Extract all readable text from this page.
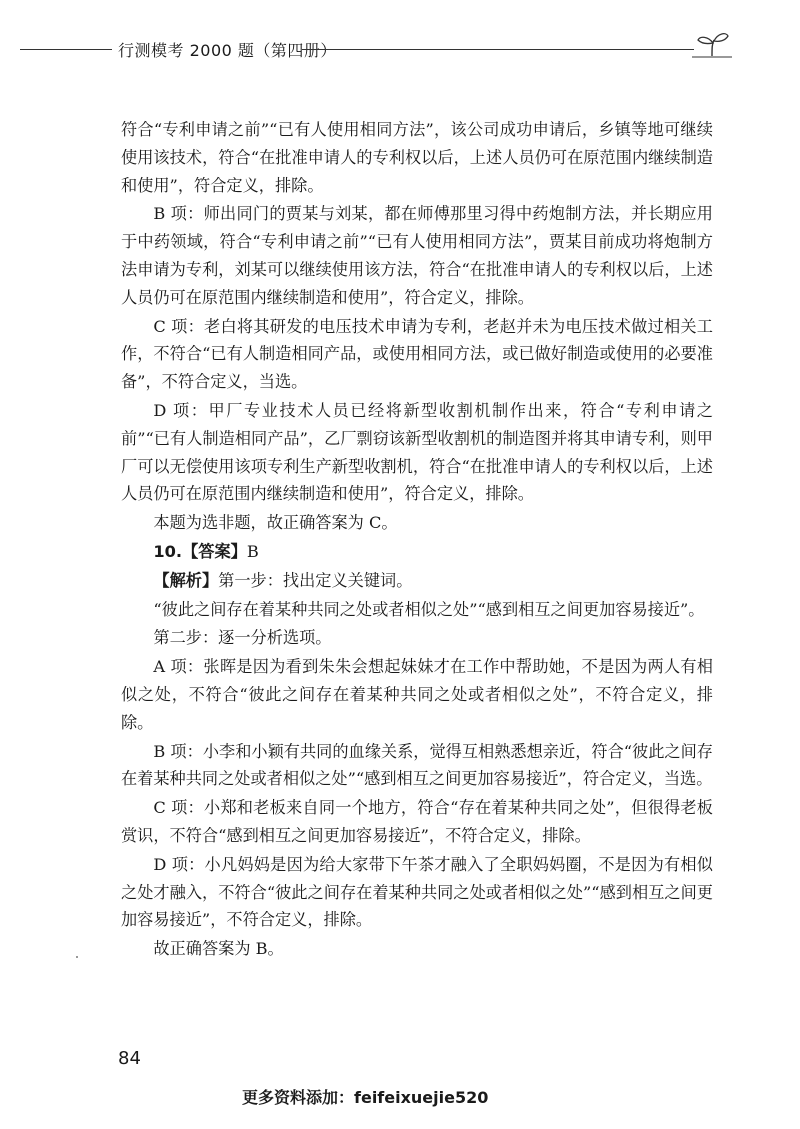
行测模考 2000 题（第四册）

符合“专利申请之前”“已有人使用相同方法”，该公司成功申请后，乡镇等地可继续使用该技术，符合“在批准申请人的专利权以后，上述人员仍可在原范围内继续制造和使用”，符合定义，排除。

B 项：师出同门的贾某与刘某，都在师傅那里习得中药炮制方法，并长期应用于中药领域，符合“专利申请之前”“已有人使用相同方法”，贾某目前成功将炮制方法申请为专利，刘某可以继续使用该方法，符合“在批准申请人的专利权以后，上述人员仍可在原范围内继续制造和使用”，符合定义，排除。

C 项：老白将其研发的电压技术申请为专利，老赵并未为电压技术做过相关工作，不符合“已有人制造相同产品，或使用相同方法，或已做好制造或使用的必要准备”，不符合定义，当选。

D 项：甲厂专业技术人员已经将新型收割机制作出来，符合“专利申请之前”“已有人制造相同产品”，乙厂剽窃该新型收割机的制造图并将其申请专利，则甲厂可以无偿使用该项专利生产新型收割机，符合“在批准申请人的专利权以后，上述人员仍可在原范围内继续制造和使用”，符合定义，排除。

本题为选非题，故正确答案为 C。

10.【答案】B

【解析】第一步：找出定义关键词。

“彼此之间存在着某种共同之处或者相似之处”“感到相互之间更加容易接近”。

第二步：逐一分析选项。

A 项：张晖是因为看到朱朱会想起妹妹才在工作中帮助她，不是因为两人有相似之处，不符合“彼此之间存在着某种共同之处或者相似之处”，不符合定义，排除。

B 项：小李和小颖有共同的血缘关系，觉得互相熟悉想亲近，符合“彼此之间存在着某种共同之处或者相似之处”“感到相互之间更加容易接近”，符合定义，当选。

C 项：小郑和老板来自同一个地方，符合“存在着某种共同之处”，但很得老板赏识，不符合“感到相互之间更加容易接近”，不符合定义，排除。

D 项：小凡妈妈是因为给大家带下午茶才融入了全职妈妈圈，不是因为有相似之处才融入，不符合“彼此之间存在着某种共同之处或者相似之处”“感到相互之间更加容易接近”，不符合定义，排除。

故正确答案为 B。

84
更多资料添加：feifeixuejie520
